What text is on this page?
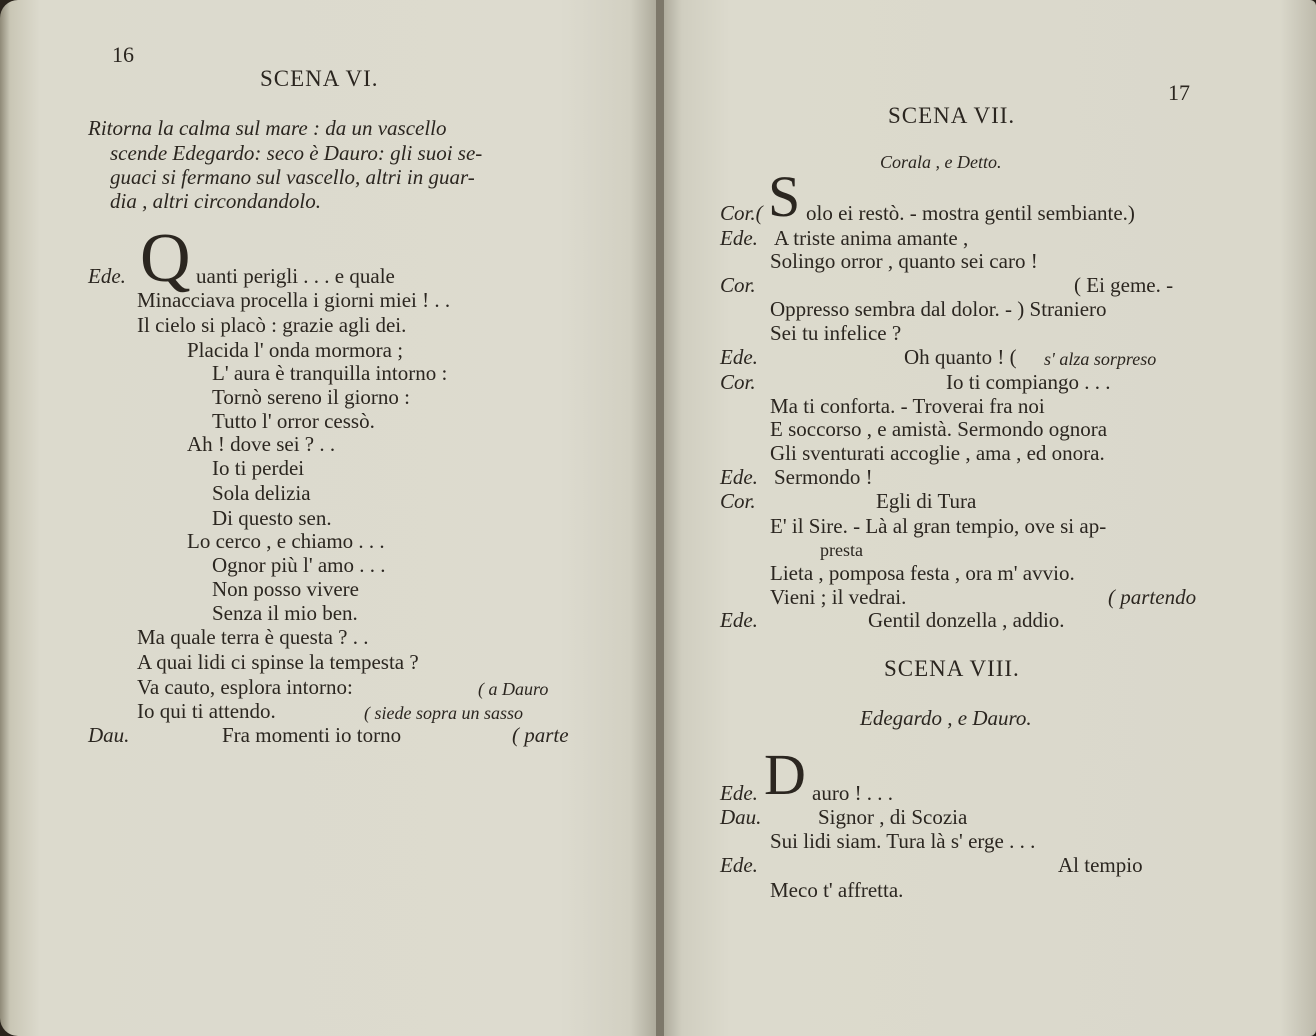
16
SCENA VI.
Ritorna la calma sul mare : da un vascello
scende Edegardo: seco è Dauro: gli suoi se-
guaci si fermano sul vascello, altri in guar-
dia , altri circondandolo.
Ede. Q uanti perigli . . . e quale
Minacciava procella i giorni miei ! . .
Il cielo si placò : grazie agli dei.
Placida l' onda mormora ;
L' aura è tranquilla intorno :
Tornò sereno il giorno :
Tutto l' orror cessò.
Ah ! dove sei ? . .
Io ti perdei
Sola delizia
Di questo sen.
Lo cerco , e chiamo . . .
Ognor più l' amo . . .
Non posso vivere
Senza il mio ben.
Ma quale terra è questa ? . .
A quai lidi ci spinse la tempesta ?
Va cauto, esplora intorno:	( a Dauro
Io qui ti attendo.	( siede sopra un sasso
Dau.	Fra momenti io torno	( parte
17
SCENA VII.
Corala , e Detto.
Cor.( S olo ei restò. - mostra gentil sembiante.)
Ede. A triste anima amante ,
Solingo orror , quanto sei caro !
Cor.	( Ei geme. -
Oppresso sembra dal dolor. - ) Straniero
Sei tu infelice ?
Ede.	Oh quanto ! ( s' alza sorpreso
Cor.	Io ti compiango . . .
Ma ti conforta. - Troverai fra noi
E soccorso , e amistà. Sermondo ognora
Gli sventurati accoglie , ama , ed onora.
Ede. Sermondo !
Cor.	Egli di Tura
E' il Sire. - Là al gran tempio, ove si ap-
presta
Lieta , pomposa festa , ora m' avvio.
Vieni ; il vedrai.	( partendo
Ede.	Gentil donzella , addio.
SCENA VIII.
Edegardo , e Dauro.
Ede. D auro ! . . .
Dau.	Signor , di Scozia
Sui lidi siam. Tura là s' erge . . .
Ede.	Al tempio
Meco t' affretta.
